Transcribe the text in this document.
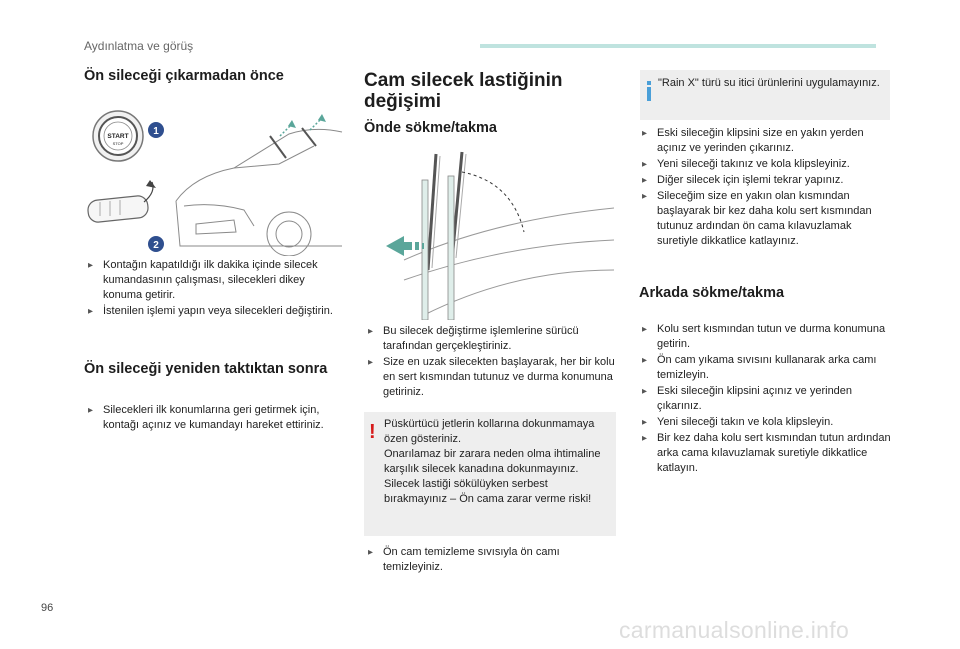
Aydınlatma ve görüş
Ön sileceği çıkarmadan önce
START
STOP
1
2
▶ Kontağın kapatıldığı ilk dakika içinde silecek kumandasının çalışması, silecekleri dikey konuma getirir.
▶ İstenilen işlemi yapın veya silecekleri değiştirin.
Ön sileceği yeniden taktıktan sonra
▶ Silecekleri ilk konumlarına geri getirmek için, kontağı açınız ve kumandayı hareket ettiriniz.
Cam silecek lastiğinin değişimi
Önde sökme/takma
▶ Bu silecek değiştirme işlemlerine sürücü tarafından gerçekleştiriniz.
▶ Size en uzak silecekten başlayarak, her bir kolu en sert kısmından tutunuz ve durma konumuna getiriniz.
! Püskürtücü jetlerin kollarına dokunmamaya özen gösteriniz.

Onarılamaz bir zarara neden olma ihtimaline karşılık silecek kanadına dokunmayınız.

Silecek lastiği sökülüyken serbest bırakmayınız – Ön cama zarar verme riski!

▶ Ön cam temizleme sıvısıyla ön camı temizleyiniz.

"Rain X" türü su itici ürünlerini uygulamayınız.

▶ Eski sileceğin klipsini size en yakın yerden açınız ve yerinden çıkarınız.
▶ Yeni sileceği takınız ve kola klipsleyiniz.
▶ Diğer silecek için işlemi tekrar yapınız.
▶ Sileceğim size en yakın olan kısmından başlayarak bir kez daha kolu sert kısmından tutunuz ardından ön cama kılavuzlamak suretiyle dikkatlice katlayınız.
Arkada sökme/takma
▶ Kolu sert kısmından tutun ve durma konumuna getirin.
▶ Ön cam yıkama sıvısını kullanarak arka camı temizleyin.
▶ Eski sileceğin klipsini açınız ve yerinden çıkarınız.
▶ Yeni sileceği takın ve kola klipsleyin.
▶ Bir kez daha kolu sert kısmından tutun ardından arka cama kılavuzlamak suretiyle dikkatlice katlayın.
96
carmanualsonline.info
